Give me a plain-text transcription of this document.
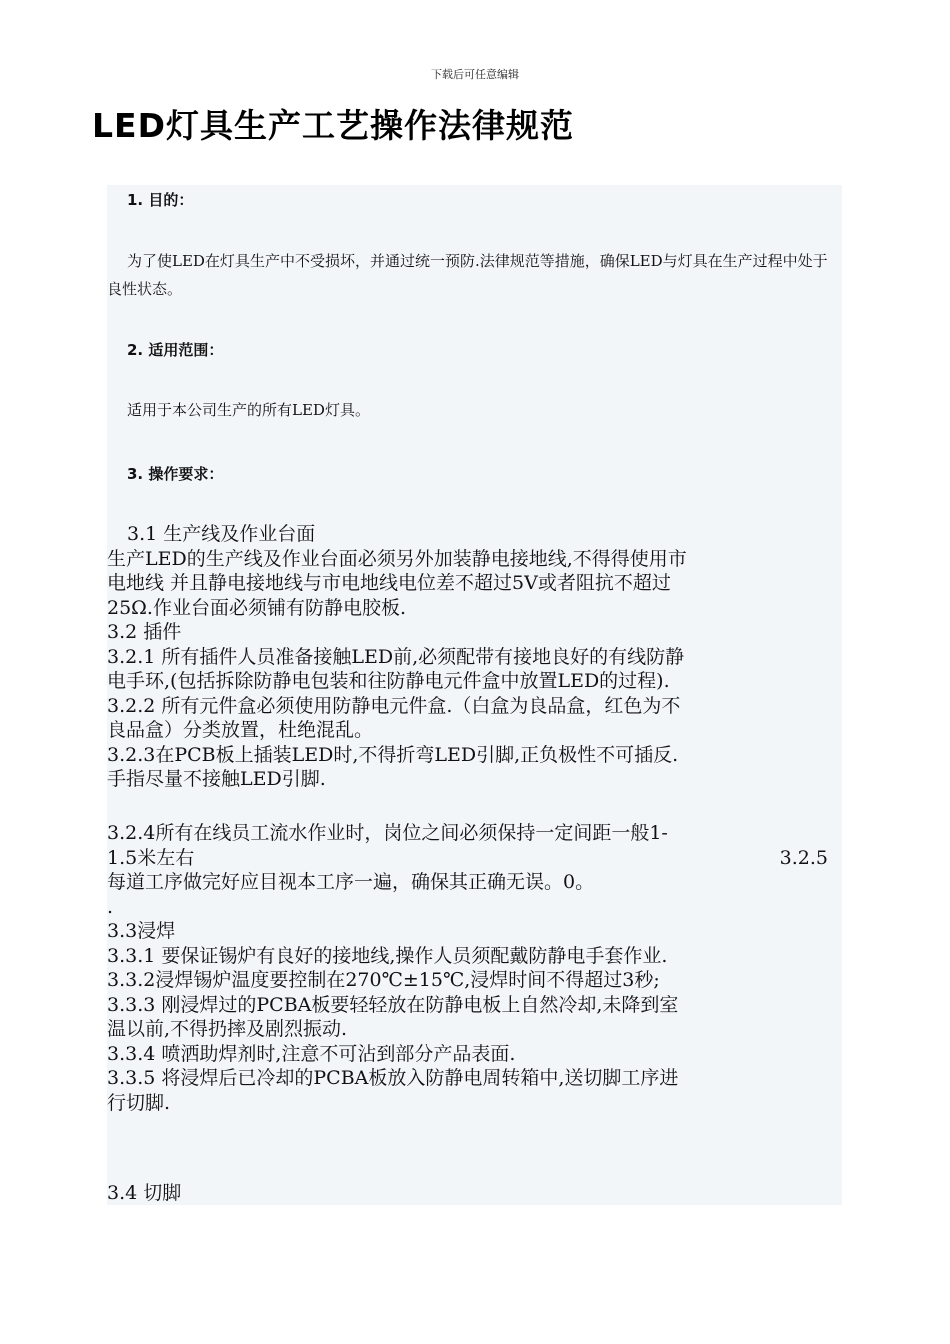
下载后可任意编辑
LED灯具生产工艺操作法律规范
1. 目的：
为了使LED在灯具生产中不受损坏，并通过统一预防.法律规范等措施，确保LED与灯具在生产过程中处于良性状态。
2. 适用范围：
适用于本公司生产的所有LED灯具。
3. 操作要求：

3.1 生产线及作业台面

生产LED的生产线及作业台面必须另外加装静电接地线,不得得使用市

电地线 并且静电接地线与市电地线电位差不超过5V或者阻抗不超过

25Ω.作业台面必须铺有防静电胶板.

3.2 插件

3.2.1 所有插件人员准备接触LED前,必须配带有接地良好的有线防静

电手环,(包括拆除防静电包装和往防静电元件盒中放置LED的过程).

3.2.2 所有元件盒必须使用防静电元件盒.（白盒为良品盒，红色为不

良品盒）分类放置，杜绝混乱。

3.2.3在PCB板上插装LED时,不得折弯LED引脚,正负极性不可插反.

手指尽量不接触LED引脚.

3.2.4所有在线员工流水作业时，岗位之间必须保持一定间距一般1-

1.5米左右	3.2.5

每道工序做完好应目视本工序一遍，确保其正确无误。0。

.

3.3浸焊

3.3.1 要保证锡炉有良好的接地线,操作人员须配戴防静电手套作业.

3.3.2浸焊锡炉温度要控制在270℃±15℃,浸焊时间不得超过3秒;

3.3.3 刚浸焊过的PCBA板要轻轻放在防静电板上自然冷却,未降到室

温以前,不得扔摔及剧烈振动.

3.3.4 喷洒助焊剂时,注意不可沾到部分产品表面.

3.3.5 将浸焊后已冷却的PCBA板放入防静电周转箱中,送切脚工序进

行切脚.

3.4 切脚
